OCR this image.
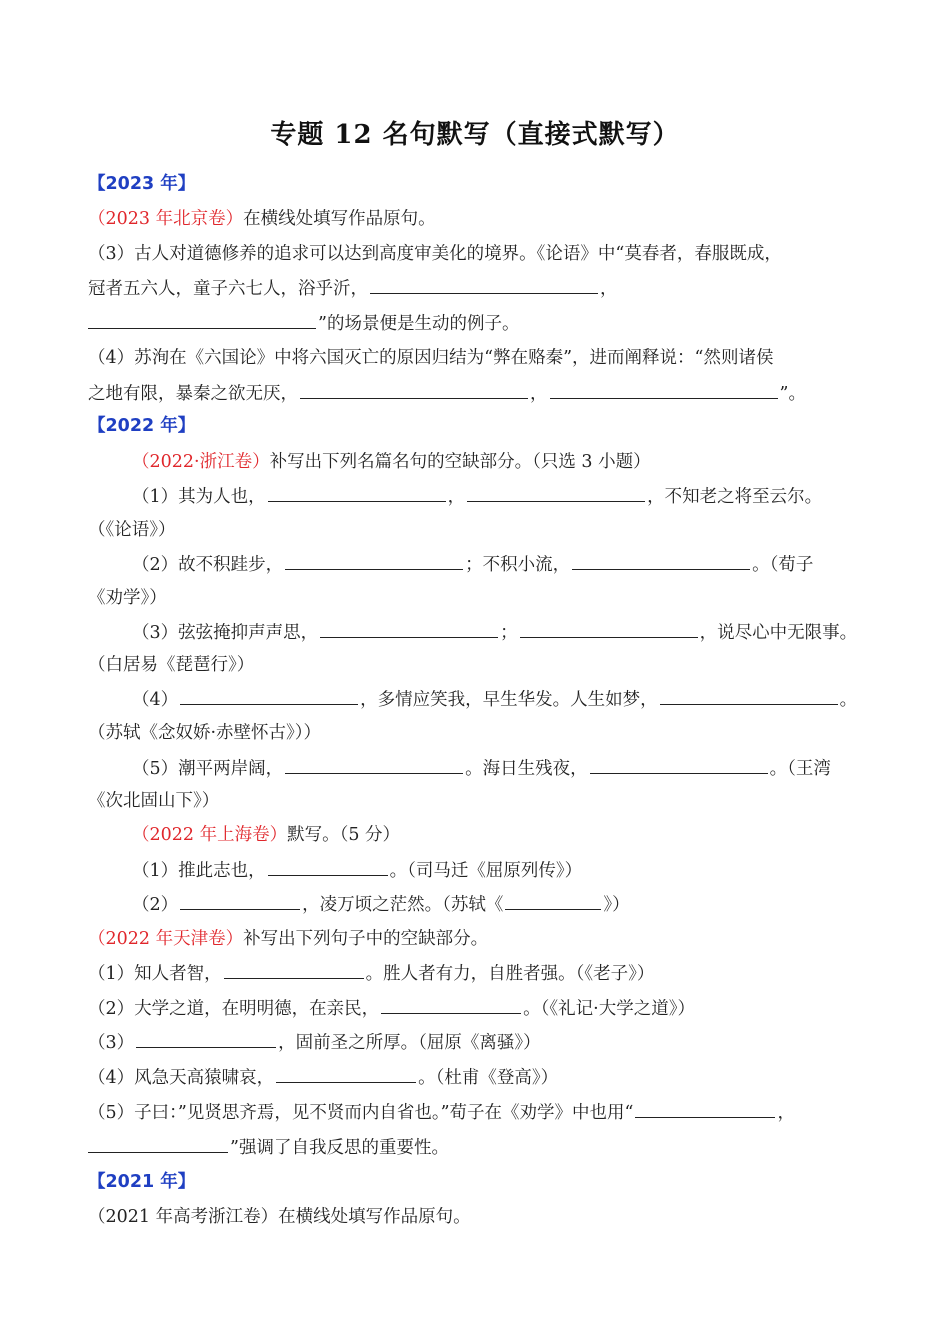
专题 12 名句默写（直接式默写）
【2023 年】
（2023 年北京卷）在横线处填写作品原句。
（3）古人对道德修养的追求可以达到高度审美化的境界。《论语》中“莫春者，春服既成，
冠者五六人，童子六七人，浴乎沂，	，
”的场景便是生动的例子。
（4）苏洵在《六国论》中将六国灭亡的原因归结为“弊在赂秦”，进而阐释说：“然则诸侯
之地有限，暴秦之欲无厌，	，	”。
【2022 年】
（2022·浙江卷）补写出下列名篇名句的空缺部分。（只选 3 小题）
（1）其为人也，	，	，不知老之将至云尔。
（《论语》）
（2）故不积跬步，	；不积小流，	。（荀子
《劝学》）
（3）弦弦掩抑声声思，	；	，说尽心中无限事。
（白居易《琵琶行》）
（4）	，多情应笑我，早生华发。人生如梦，	。
（苏轼《念奴娇·赤壁怀古》））
（5）潮平两岸阔，	。海日生残夜，	。（王湾
《次北固山下》）
（2022 年上海卷）默写。（5 分）
（1）推此志也，	。（司马迁《屈原列传》）
（2）	，凌万顷之茫然。（苏轼《	》）
（2022 年天津卷）补写出下列句子中的空缺部分。
（1）知人者智，	。胜人者有力，自胜者强。（《老子》）
（2）大学之道，在明明德，在亲民，	。（《礼记·大学之道》）
（3）	，固前圣之所厚。（屈原《离骚》）
（4）风急天高猿啸哀，	。（杜甫《登高》）
（5）子曰：”见贤思齐焉，见不贤而内自省也。”荀子在《劝学》中也用“	，
”强调了自我反思的重要性。
【2021 年】
（2021 年高考浙江卷）在横线处填写作品原句。
